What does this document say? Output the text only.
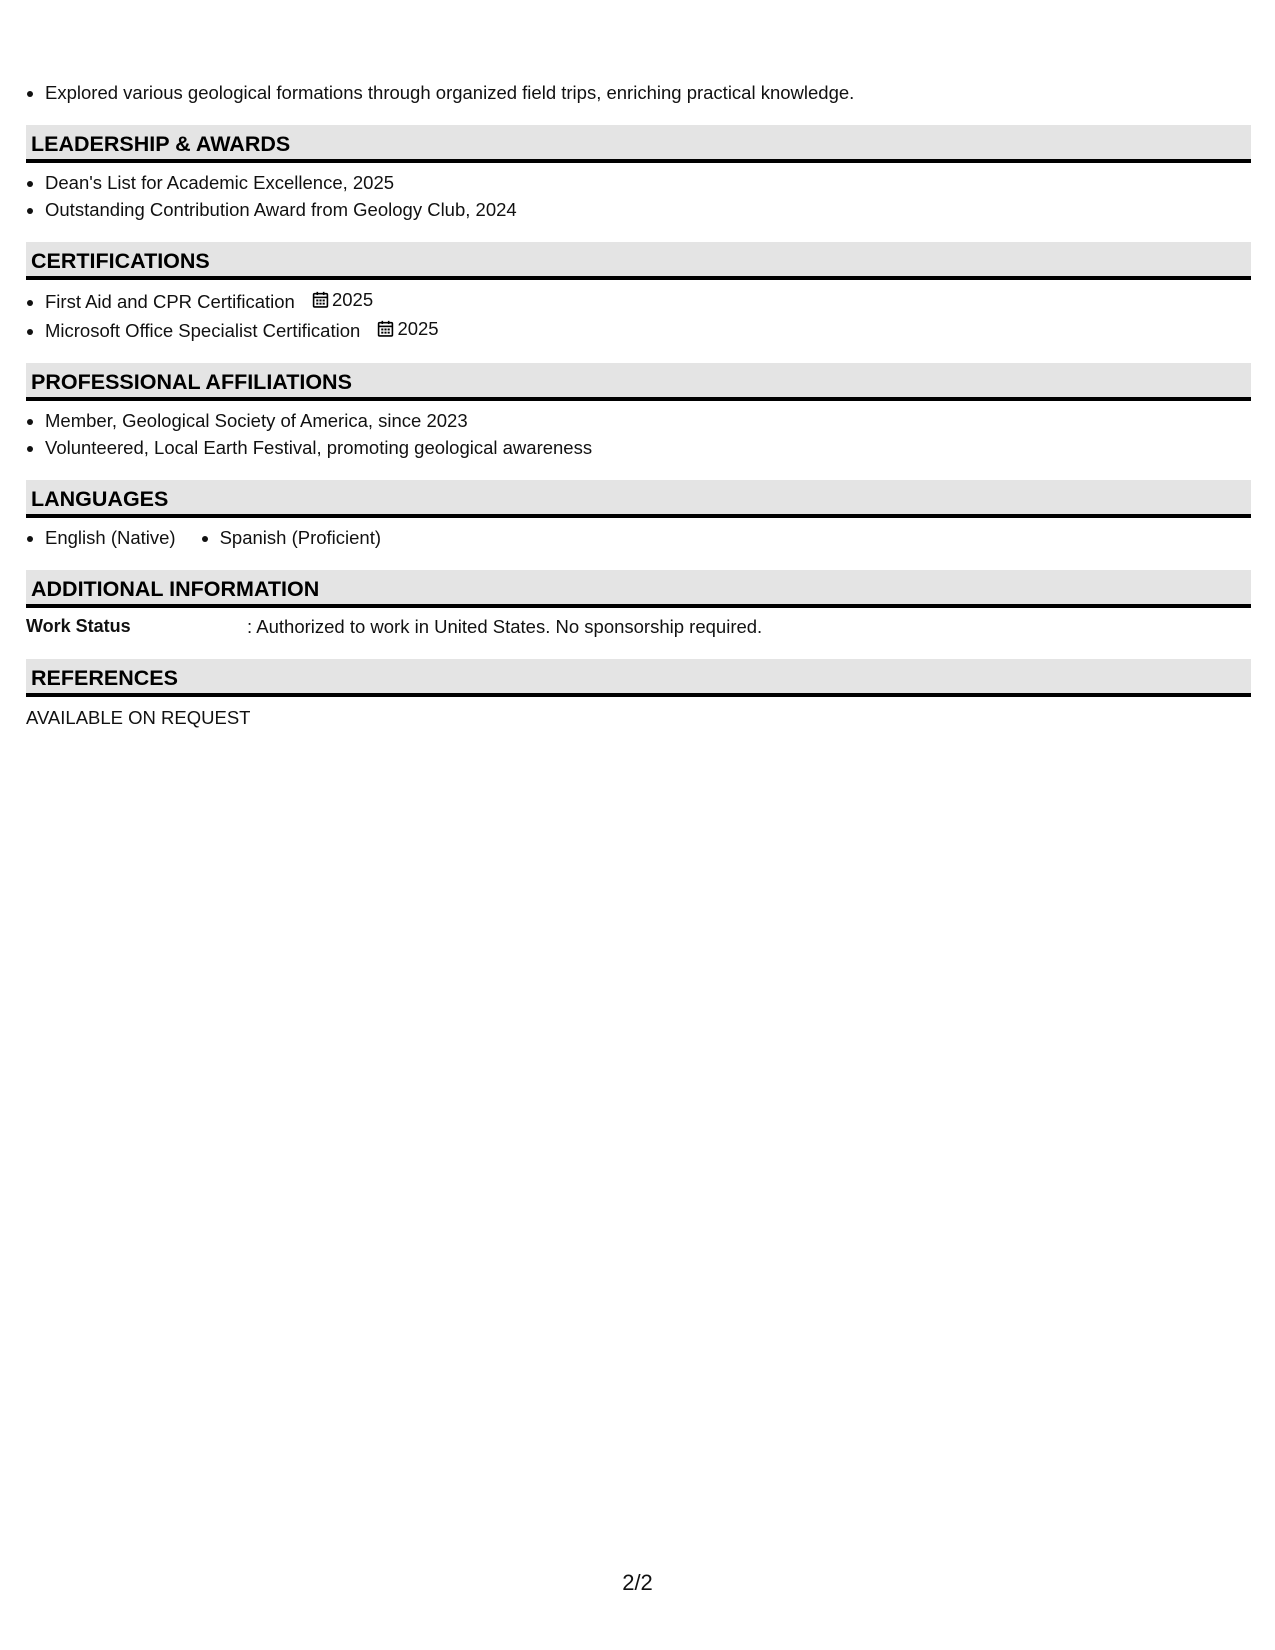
• Explored various geological formations through organized field trips, enriching practical knowledge.
LEADERSHIP & AWARDS
• Dean's List for Academic Excellence, 2025
• Outstanding Contribution Award from Geology Club, 2024
CERTIFICATIONS
• First Aid and CPR Certification 2025
• Microsoft Office Specialist Certification 2025
PROFESSIONAL AFFILIATIONS
• Member, Geological Society of America, since 2023
• Volunteered, Local Earth Festival, promoting geological awareness
LANGUAGES
• English (Native)
• Spanish (Proficient)
ADDITIONAL INFORMATION
Work Status	: Authorized to work in United States. No sponsorship required.
REFERENCES
AVAILABLE ON REQUEST
2/2
